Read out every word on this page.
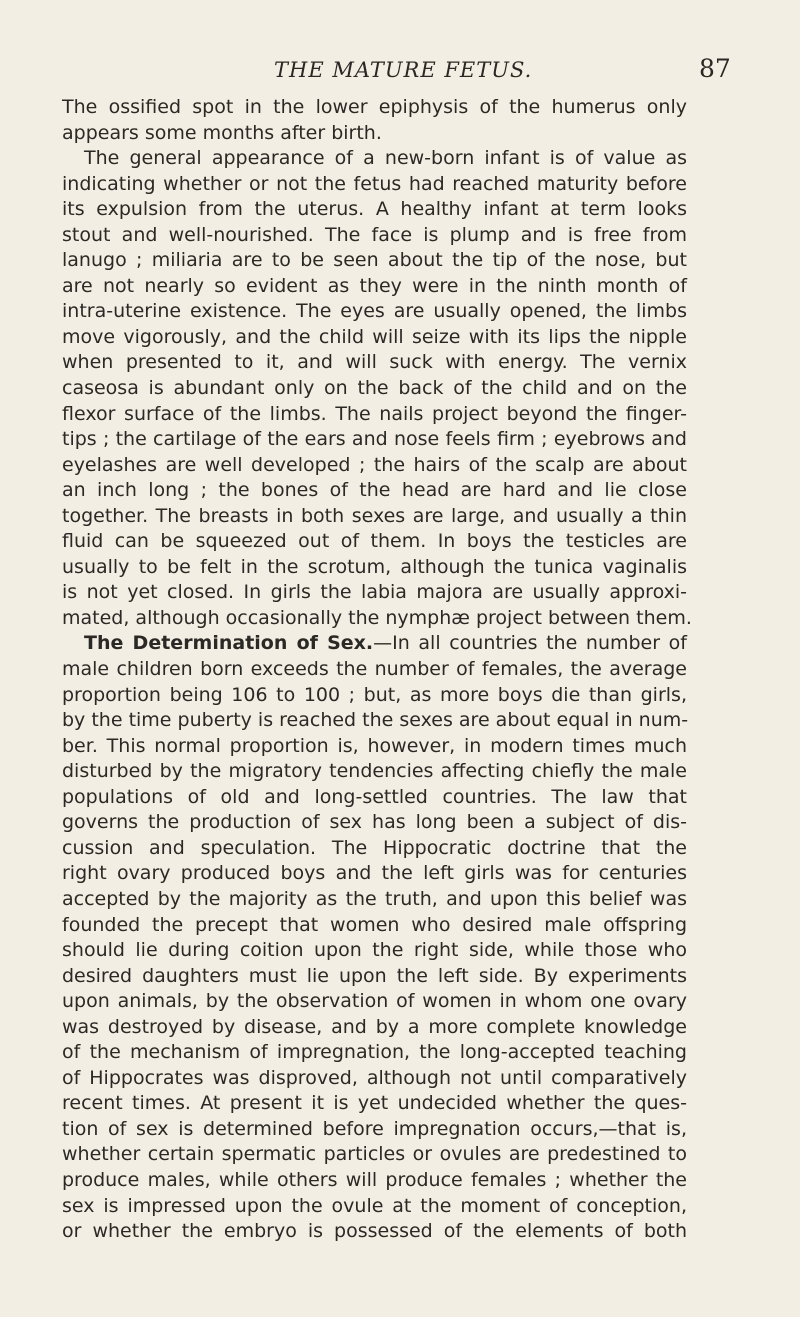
THE MATURE FETUS.	87
The ossified spot in the lower epiphysis of the humerus only
appears some months after birth.
The general appearance of a new-born infant is of value as
indicating whether or not the fetus had reached maturity before
its expulsion from the uterus. A healthy infant at term looks
stout and well-nourished. The face is plump and is free from
lanugo ; miliaria are to be seen about the tip of the nose, but
are not nearly so evident as they were in the ninth month of
intra-uterine existence. The eyes are usually opened, the limbs
move vigorously, and the child will seize with its lips the nipple
when presented to it, and will suck with energy. The vernix
caseosa is abundant only on the back of the child and on the
flexor surface of the limbs. The nails project beyond the finger-
tips ; the cartilage of the ears and nose feels firm ; eyebrows and
eyelashes are well developed ; the hairs of the scalp are about
an inch long ; the bones of the head are hard and lie close
together. The breasts in both sexes are large, and usually a thin
fluid can be squeezed out of them. In boys the testicles are
usually to be felt in the scrotum, although the tunica vaginalis
is not yet closed. In girls the labia majora are usually approxi-
mated, although occasionally the nymphæ project between them.
The Determination of Sex.—In all countries the number of
male children born exceeds the number of females, the average
proportion being 106 to 100 ; but, as more boys die than girls,
by the time puberty is reached the sexes are about equal in num-
ber. This normal proportion is, however, in modern times much
disturbed by the migratory tendencies affecting chiefly the male
populations of old and long-settled countries. The law that
governs the production of sex has long been a subject of dis-
cussion and speculation. The Hippocratic doctrine that the
right ovary produced boys and the left girls was for centuries
accepted by the majority as the truth, and upon this belief was
founded the precept that women who desired male offspring
should lie during coition upon the right side, while those who
desired daughters must lie upon the left side. By experiments
upon animals, by the observation of women in whom one ovary
was destroyed by disease, and by a more complete knowledge
of the mechanism of impregnation, the long-accepted teaching
of Hippocrates was disproved, although not until comparatively
recent times. At present it is yet undecided whether the ques-
tion of sex is determined before impregnation occurs,—that is,
whether certain spermatic particles or ovules are predestined to
produce males, while others will produce females ; whether the
sex is impressed upon the ovule at the moment of conception,
or whether the embryo is possessed of the elements of both
